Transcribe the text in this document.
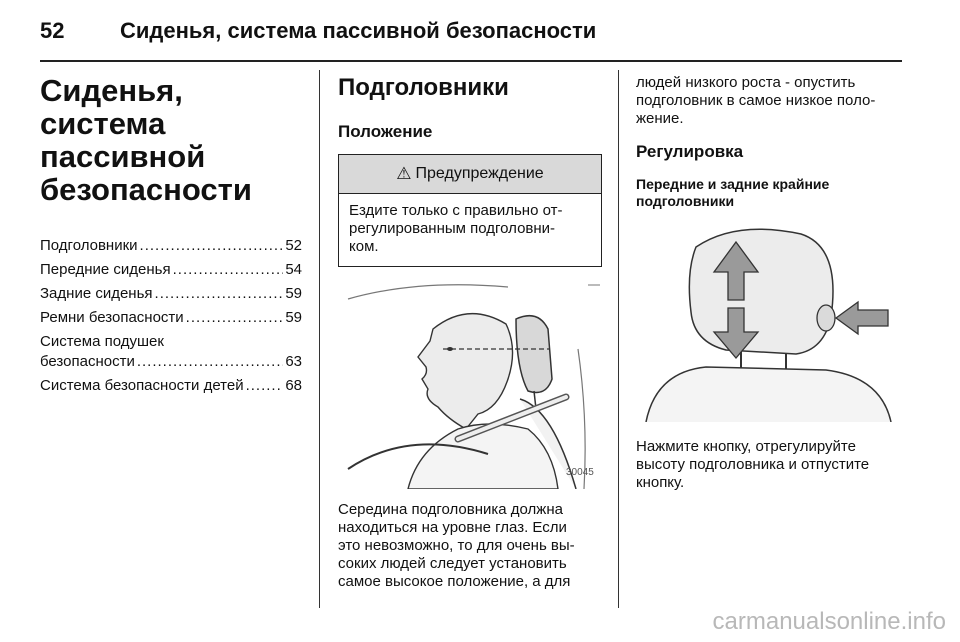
52	Сиденья, система пассивной безопасности
Сиденья, система
пассивной
безопасности
Подголовники .....	52
Передние сиденья .....	54
Задние сиденья .....	59
Ремни безопасности .....	59
Система подушек
безопасности .....	63
Система безопасности детей .....	68
Подголовники
Положение
⚠ Предупреждение
Ездите только с правильно от-
регулированным подголовни-
ком.
30045
Середина подголовника должна
находиться на уровне глаз. Если
это невозможно, то для очень вы-
соких людей следует установить
самое высокое положение, а для
людей низкого роста - опустить
подголовник в самое низкое поло-
жение.
Регулировка
Передние и задние крайние
подголовники
Нажмите кнопку, отрегулируйте
высоту подголовника и отпустите
кнопку.
carmanualsonline.info
